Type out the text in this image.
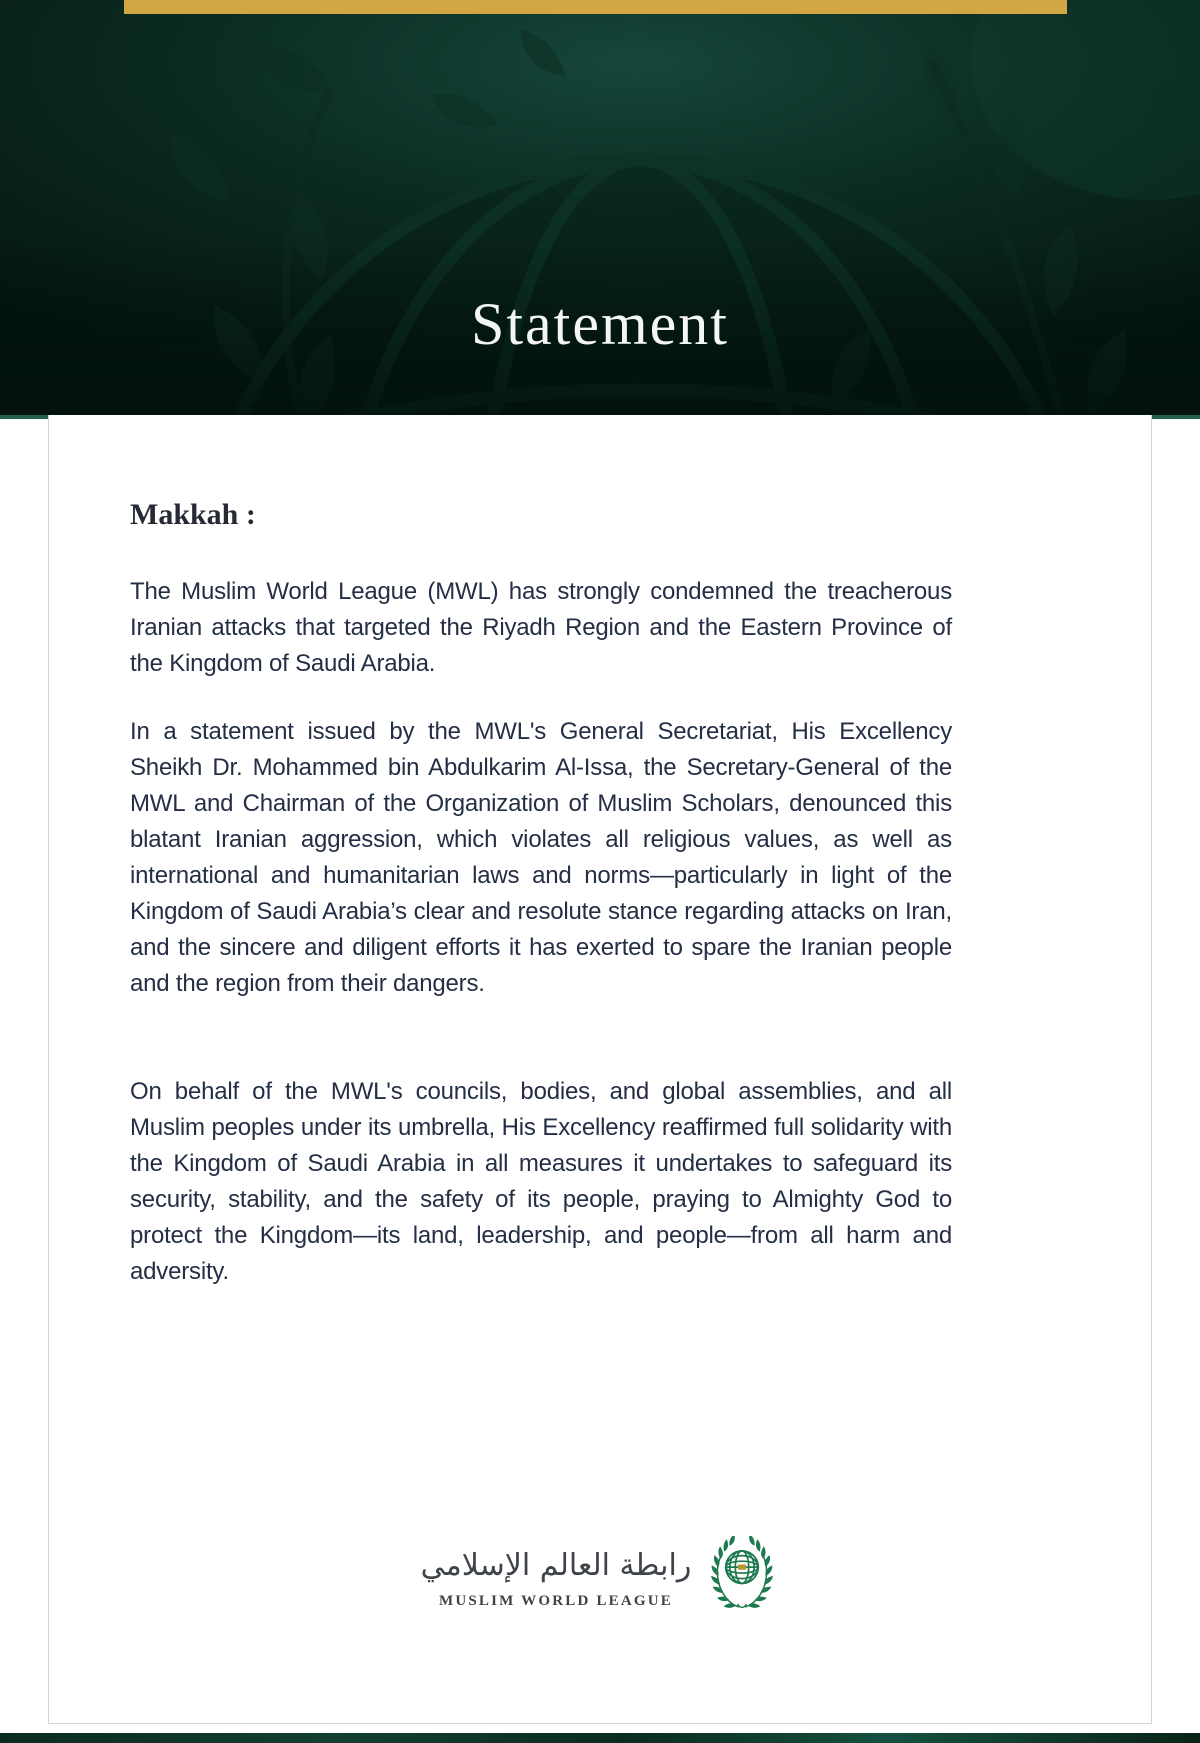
Statement
Makkah :

The Muslim World League (MWL) has strongly condemned the treacherous Iranian attacks that targeted the Riyadh Region and the Eastern Province of the Kingdom of Saudi Arabia.

In a statement issued by the MWL's General Secretariat, His Excellency Sheikh Dr. Mohammed bin Abdulkarim Al-Issa, the Secretary-General of the MWL and Chairman of the Organization of Muslim Scholars, denounced this blatant Iranian aggression, which violates all religious values, as well as international and humanitarian laws and norms—particularly in light of the Kingdom of Saudi Arabia’s clear and resolute stance regarding attacks on Iran, and the sincere and diligent efforts it has exerted to spare the Iranian people and the region from their dangers.

On behalf of the MWL's councils, bodies, and global assemblies, and all Muslim peoples under its umbrella, His Excellency reaffirmed full solidarity with the Kingdom of Saudi Arabia in all measures it undertakes to safeguard its security, stability, and the safety of its people, praying to Almighty God to protect the Kingdom—its land, leadership, and people—from all harm and adversity.

رابطة العالم الإسلامي
MUSLIM WORLD LEAGUE
